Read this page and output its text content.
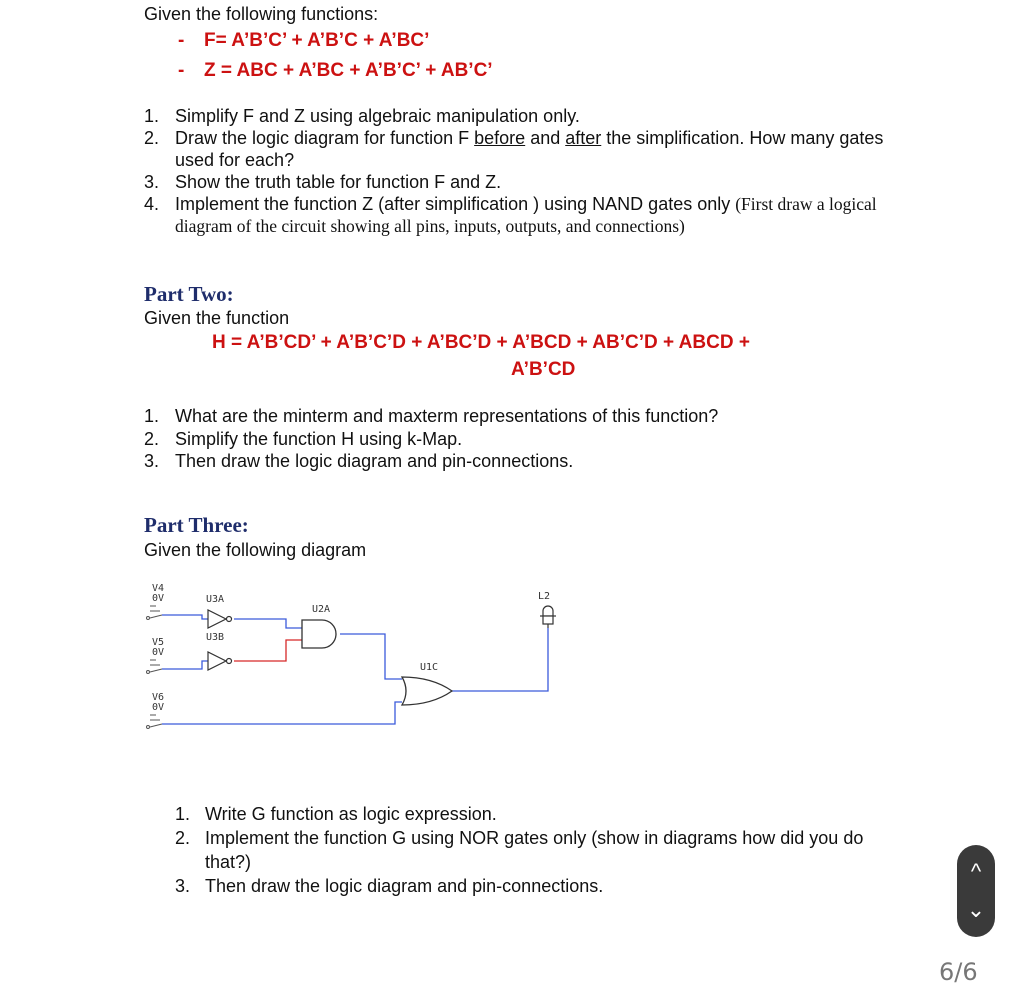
Given the following functions:
- F= A’B’C’ + A’B’C + A’BC’
- Z = ABC + A’BC + A’B’C’ + AB’C’
1. Simplify F and Z using algebraic manipulation only.
2. Draw the logic diagram for function F before and after the simplification. How many gates
used for each?
3. Show the truth table for function F and Z.
4. Implement the function Z (after simplification ) using NAND gates only (First draw a logical
diagram of the circuit showing all pins, inputs, outputs, and connections)
Part Two:
Given the function
H = A’B’CD’ + A’B’C’D + A’BC’D + A’BCD + AB’C’D + ABCD +
A’B’CD
1. What are the minterm and maxterm representations of this function?
2. Simplify the function H using k-Map.
3. Then draw the logic diagram and pin-connections.
Part Three:
Given the following diagram
V4
0V
V5
0V
V6
0V
U3A
U3B
U2A
U1C
L2
1. Write G function as logic expression.
2. Implement the function G using NOR gates only (show in diagrams how did you do
that?)
3. Then draw the logic diagram and pin-connections.
^
⌄
6/6
